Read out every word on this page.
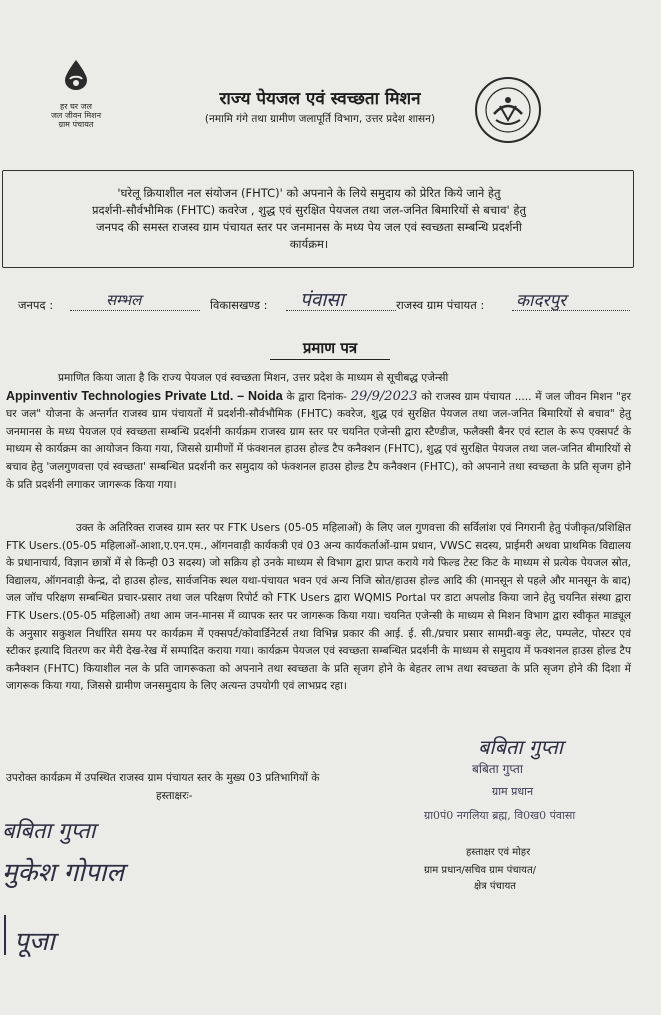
हर घर जल
जल जीवन मिशन
ग्राम पंचायत
राज्य पेयजल एवं स्वच्छता मिशन
(नमामि गंगे तथा ग्रामीण जलापूर्ति विभाग, उत्तर प्रदेश शासन)
'घरेलू क्रियाशील नल संयोजन (FHTC)' को अपनाने के लिये समुदाय को प्रेरित किये जाने हेतु
प्रदर्शनी-सौर्वभौमिक (FHTC) कवरेज , शुद्ध एवं सुरक्षित पेयजल तथा जल-जनित बिमारियों से बचाव' हेतु
जनपद की समस्त राजस्व ग्राम पंचायत स्तर पर जनमानस के मध्य पेय जल एवं स्वच्छता सम्बन्धि प्रदर्शनी
कार्यक्रम।
जनपद :	सम्भल	विकासखण्ड : पंवासा	राजस्व ग्राम पंचायत : कादरपुर
प्रमाण पत्र
प्रमाणित किया जाता है कि राज्य पेयजल एवं स्वच्छता मिशन, उत्तर प्रदेश के माध्यम से सूचीबद्ध एजेन्सी
Appinventiv Technologies Private Ltd. – Noida के द्वारा दिनांक- 29/9/2023 को राजस्व ग्राम पंचायत ..... में जल जीवन मिशन "हर घर जल" योजना के अन्तर्गत राजस्व ग्राम पंचायतों में प्रदर्शनी-सौर्वभौमिक (FHTC) कवरेज, शुद्ध एवं सुरक्षित पेयजल तथा जल-जनित बिमारियों से बचाव" हेतु जनमानस के मध्य पेयजल एवं स्वच्छता सम्बन्धि प्रदर्शनी कार्यक्रम राजस्व ग्राम स्तर पर चयनित एजेन्सी द्वारा स्टैण्डीज, फलैक्सी बैनर एवं स्टाल के रूप एक्सपर्ट के माध्यम से कार्यक्रम का आयोजन किया गया, जिससे ग्रामीणों में फंक्शनल हाउस होल्ड टैप कनैक्शन (FHTC), शुद्ध एवं सुरक्षित पेयजल तथा जल-जनित बीमारियों से बचाव हेतु 'जलगुणवत्ता एवं स्वच्छता' सम्बन्धित प्रदर्शनी कर समुदाय को फंक्शनल हाउस होल्ड टैप कनैक्शन (FHTC), को अपनाने तथा स्वच्छता के प्रति सृजग होने के प्रति प्रदर्शनी लगाकर जागरूक किया गया।
उक्त के अतिरिक्त राजस्व ग्राम स्तर पर FTK Users (05-05 महिलाओं) के लिए जल गुणवत्ता की सर्विलांश एवं निगरानी हेतु पंजीकृत/प्रशिक्षित FTK Users.(05-05 महिलाओं-आशा,ए.एन.एम., ऑगनवाड़ी कार्यकत्री एवं 03 अन्य कार्यकर्ताओं-ग्राम प्रधान, VWSC सदस्य, प्राईमरी अथवा प्राथमिक विद्यालय के प्रधानाचार्य, विज्ञान छात्रों में से किन्ही 03 सदस्य) जो सक्रिय हो उनके माध्यम से विभाग द्वारा प्राप्त कराये गये फिल्ड टेस्ट किट के माध्यम से प्रत्येक पेयजल स्रोत, विद्यालय, ऑगनवाड़ी केन्द्र, दो हाउस होल्ड, सार्वजनिक स्थल यथा-पंचायत भवन एवं अन्य निजि स्रोत/हाउस होल्ड आदि की (मानसून से पहले और मानसून के बाद) जल जॉच परिक्षण सम्बन्धित प्रचार-प्रसार तथा जल परिक्षण रिपोर्ट को FTK Users द्वारा WQMIS Portal पर डाटा अपलोड किया जाने हेतु चयनित संस्था द्वारा FTK Users.(05-05 महिलाओं) तथा आम जन-मानस में व्यापक स्तर पर जागरूक किया गया। चयनित एजेन्सी के माध्यम से मिशन विभाग द्वारा स्वीकृत माड्यूल के अनुसार सकुशल निर्धारित समय पर कार्यक्रम में एक्सपर्ट/कोवार्डिनेटर्स तथा विभिन्न प्रकार की आई. ई. सी./प्रचार प्रसार सामग्री-बकु लेट, पम्पलेट, पोस्टर एवं स्टीकर इत्यादि वितरण कर मेरी देख-रेख में सम्पादित कराया गया। कार्यक्रम पेयजल एवं स्वच्छता सम्बन्धित प्रदर्शनी के माध्यम से समुदाय में फक्शनल हाउस होल्ड टैप कनैक्शन (FHTC) कियाशील नल के प्रति जागरूकता को अपनाने तथा स्वच्छता के प्रति सृजग होने के बेहतर लाभ तथा स्वच्छता के प्रति सृजग होने की दिशा में जागरूक किया गया, जिससे ग्रामीण जनसमुदाय के लिए अत्यन्त उपयोगी एवं लाभप्रद रहा।
उपरोक्त कार्यक्रम में उपस्थित राजस्व ग्राम पंचायत स्तर के मुख्य 03 प्रतिभागियों के
हस्ताक्षरः-
बबिता गुप्ता
बबिता गुप्ता
ग्राम प्रधान
ग्रा0पं0 नगलिया ब्रह्म, वि0ख0 पंवासा
हस्ताक्षर एवं मोहर
ग्राम प्रधान/सचिव ग्राम पंचायत/
क्षेत्र पंचायत
बबिता गुप्ता
मुकेश गोपाल
पूजा
